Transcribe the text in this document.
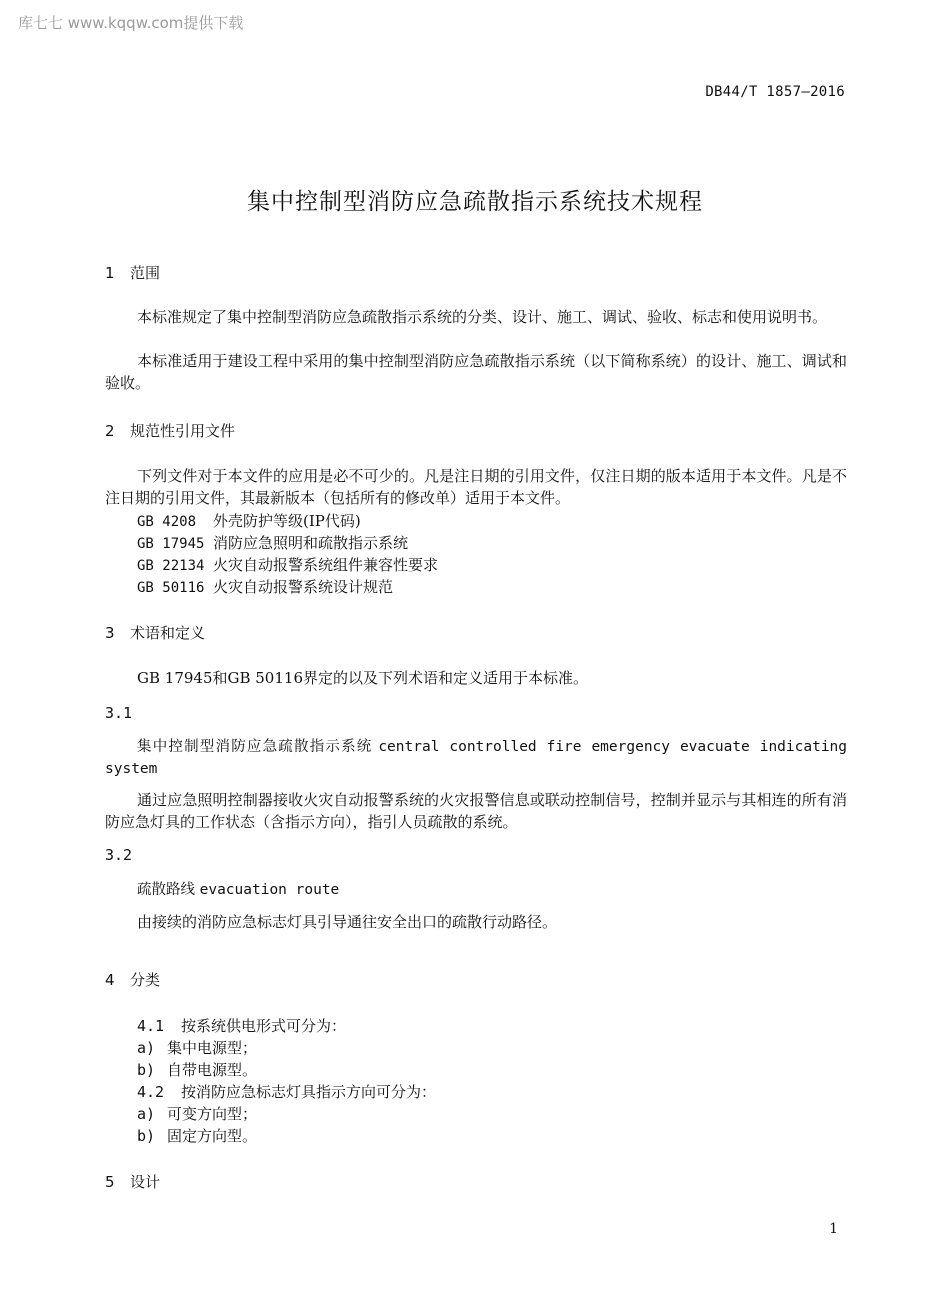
库七七 www.kqqw.com提供下载
DB44/T 1857—2016
集中控制型消防应急疏散指示系统技术规程
1 范围

本标准规定了集中控制型消防应急疏散指示系统的分类、设计、施工、调试、验收、标志和使用说明书。

本标准适用于建设工程中采用的集中控制型消防应急疏散指示系统（以下简称系统）的设计、施工、调试和验收。

2 规范性引用文件

下列文件对于本文件的应用是必不可少的。凡是注日期的引用文件，仅注日期的版本适用于本文件。凡是不注日期的引用文件，其最新版本（包括所有的修改单）适用于本文件。

GB 4208 外壳防护等级(IP代码)
GB 17945 消防应急照明和疏散指示系统
GB 22134 火灾自动报警系统组件兼容性要求
GB 50116 火灾自动报警系统设计规范
3 术语和定义
GB 17945和GB 50116界定的以及下列术语和定义适用于本标准。
3.1
集中控制型消防应急疏散指示系统 central controlled fire emergency evacuate indicating system

通过应急照明控制器接收火灾自动报警系统的火灾报警信息或联动控制信号，控制并显示与其相连的所有消防应急灯具的工作状态（含指示方向），指引人员疏散的系统。

3.2
疏散路线 evacuation route
由接续的消防应急标志灯具引导通往安全出口的疏散行动路径。
4 分类
4.1 按系统供电形式可分为：
a) 集中电源型；
b) 自带电源型。
4.2 按消防应急标志灯具指示方向可分为：
a) 可变方向型；
b) 固定方向型。
5 设计
1
